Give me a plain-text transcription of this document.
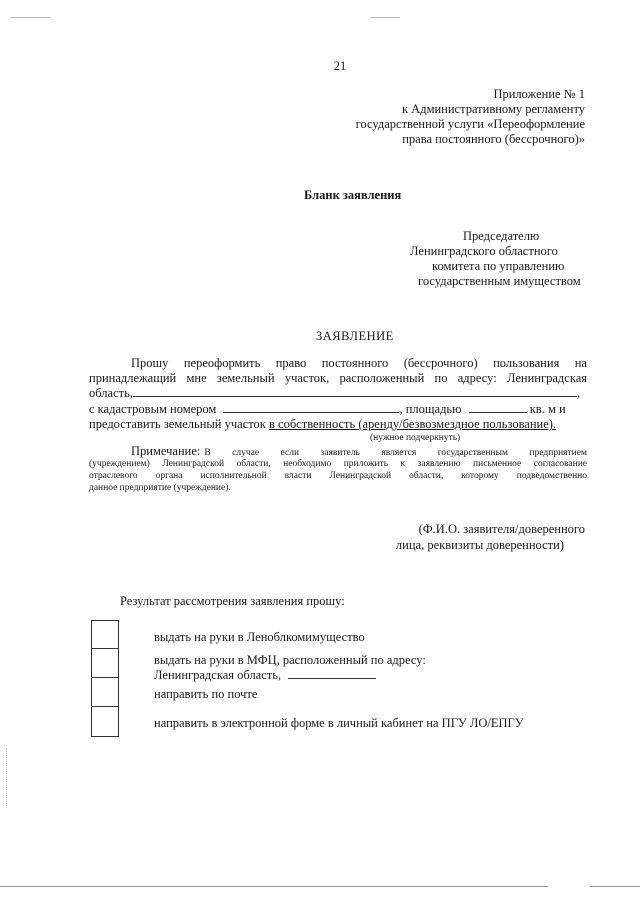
21
Приложение № 1
к Административному регламенту
государственной услуги «Переоформление
права постоянного (бессрочного)»
Бланк заявления
Председателю
Ленинградского областного
комитета по управлению
государственным имуществом
ЗАЯВЛЕНИЕ
Прошу переоформить право постоянного (бессрочного) пользования на
принадлежащий мне земельный участок, расположенный по адресу: Ленинградская
область,	,
с кадастровым номером	, площадью	кв. м и
предоставить земельный участок в собственность (аренду/безвозмездное пользование).
(нужное подчеркнуть)
Примечание: В случае если заявитель является государственным предприятием
(учреждением) Ленинградской области, необходимо приложить к заявлению письменное согласование
отраслевого органа исполнительной власти Ленинградской области, которому подведомственно
данное предприятие (учреждение).
(Ф.И.О. заявителя/доверенного
лица, реквизиты доверенности)
Результат рассмотрения заявления прошу:
выдать на руки в Леноблкомимущество
выдать на руки в МФЦ, расположенный по адресу:
Ленинградская область,
направить по почте
направить в электронной форме в личный кабинет на ПГУ ЛО/ЕПГУ
